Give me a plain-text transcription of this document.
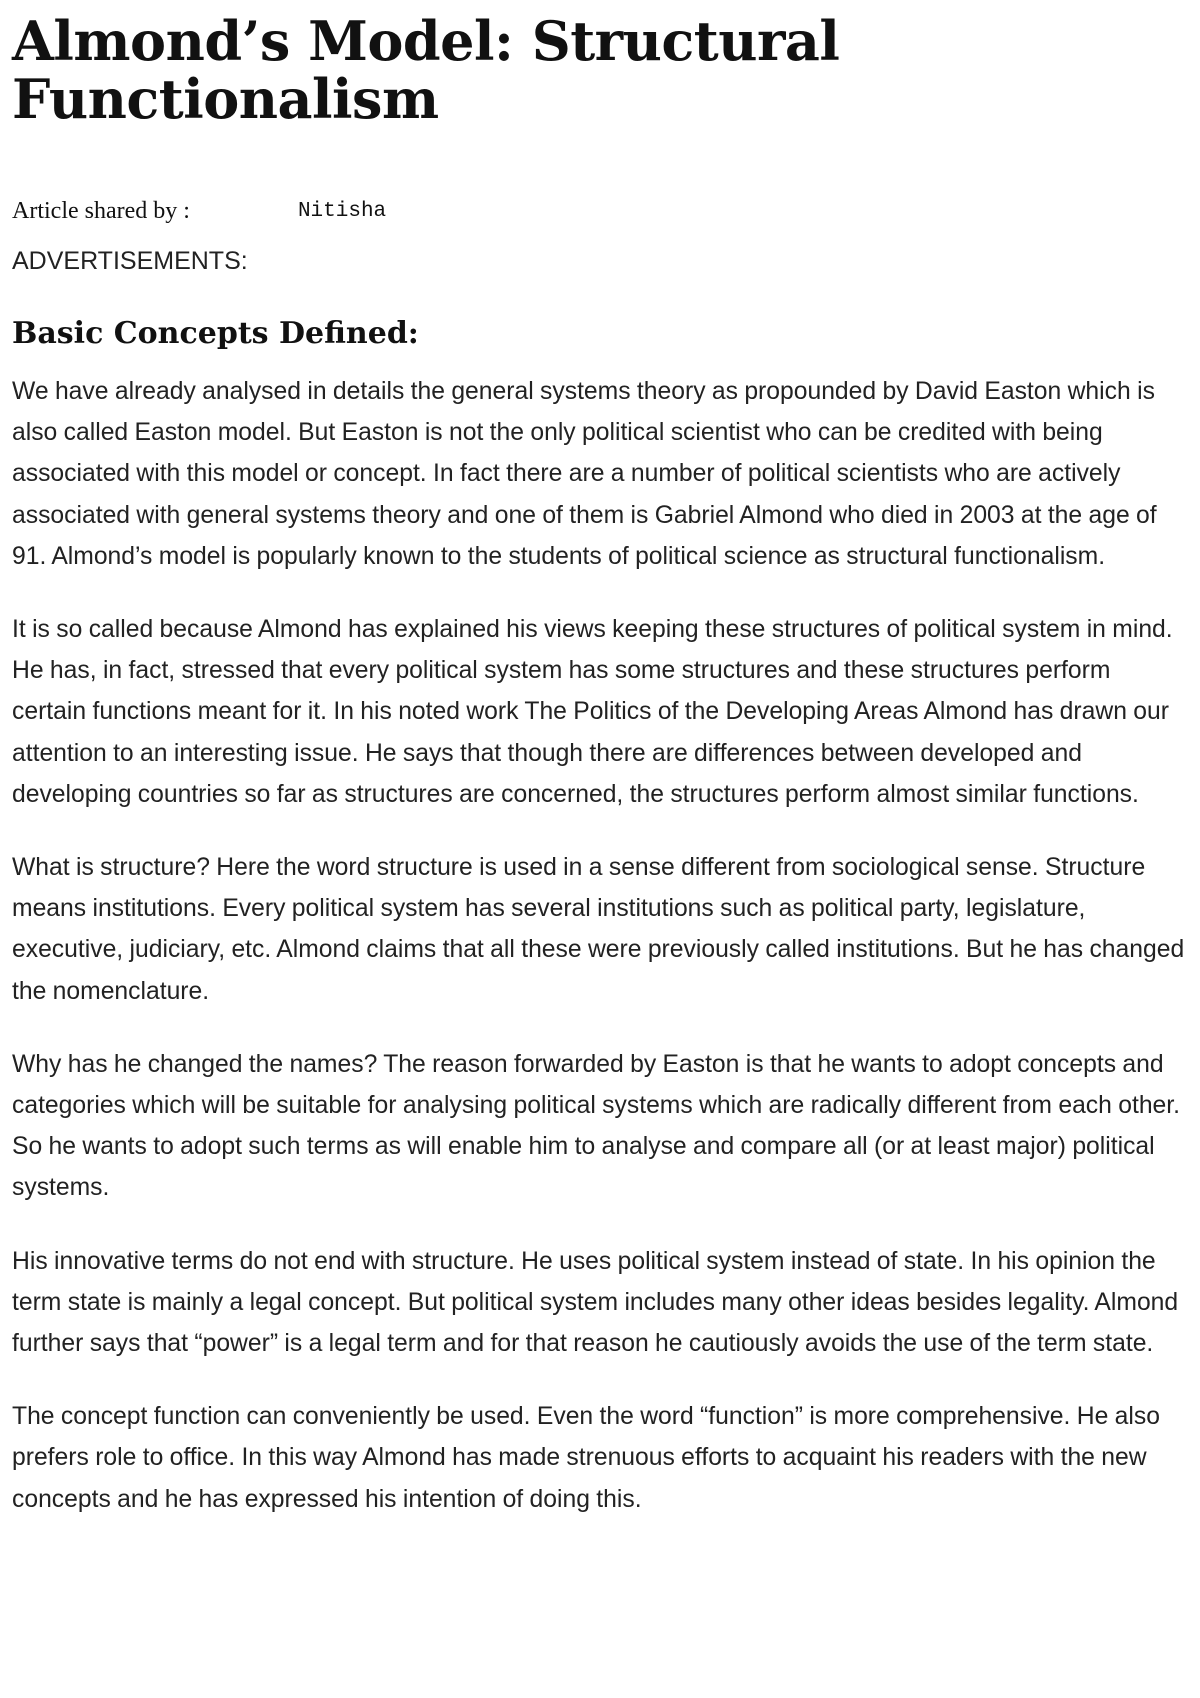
Almond’s Model: Structural Functionalism
Article shared by :	Nitisha
ADVERTISEMENTS:
Basic Concepts Defined:

We have already analysed in details the general systems theory as propounded by David Easton which is also called Easton model. But Easton is not the only political scientist who can be credited with being associated with this model or concept. In fact there are a number of political scientists who are actively associated with general systems theory and one of them is Gabriel Almond who died in 2003 at the age of 91. Almond’s model is popularly known to the students of political science as structural functionalism.

It is so called because Almond has explained his views keeping these structures of political system in mind. He has, in fact, stressed that every political system has some structures and these structures perform certain functions meant for it. In his noted work The Politics of the Developing Areas Almond has drawn our attention to an interesting issue. He says that though there are differences between developed and developing countries so far as structures are concerned, the structures perform almost similar functions.

What is structure? Here the word structure is used in a sense different from sociological sense. Structure means institutions. Every political system has several institutions such as political party, legislature, executive, judiciary, etc. Almond claims that all these were previously called institutions. But he has changed the nomenclature.

Why has he changed the names? The reason forwarded by Easton is that he wants to adopt concepts and categories which will be suitable for analysing political systems which are radically different from each other. So he wants to adopt such terms as will enable him to analyse and compare all (or at least major) political systems.

His innovative terms do not end with structure. He uses political system instead of state. In his opinion the term state is mainly a legal concept. But political system includes many other ideas besides legality. Almond further says that “power” is a legal term and for that reason he cautiously avoids the use of the term state.

The concept function can conveniently be used. Even the word “function” is more comprehensive. He also prefers role to office. In this way Almond has made strenuous efforts to acquaint his readers with the new concepts and he has expressed his intention of doing this.
